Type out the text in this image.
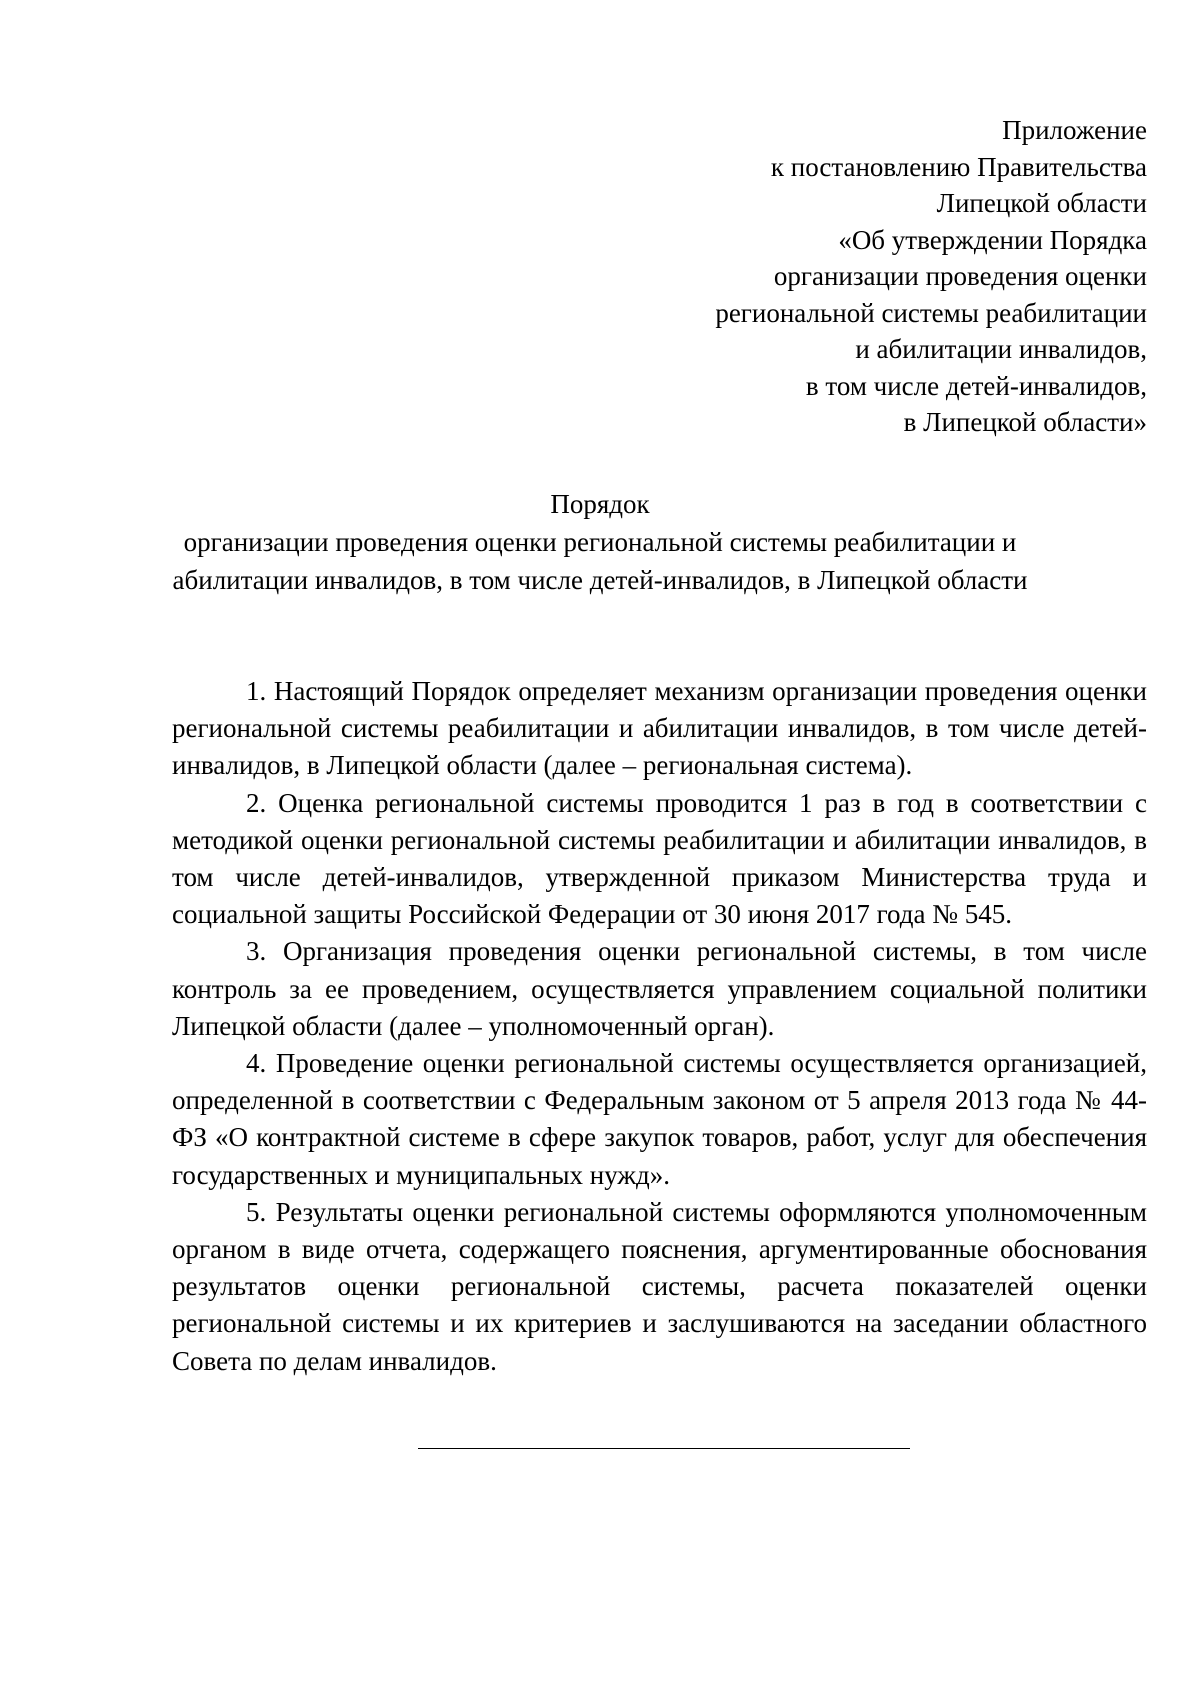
Приложение
к постановлению Правительства
Липецкой области
«Об утверждении Порядка
организации проведения оценки
региональной системы реабилитации
и абилитации инвалидов,
в том числе детей-инвалидов,
в Липецкой области»
Порядок
организации проведения оценки региональной системы реабилитации и
абилитации инвалидов, в том числе детей-инвалидов, в Липецкой области

1. Настоящий Порядок определяет механизм организации проведения оценки региональной системы реабилитации и абилитации инвалидов, в том числе детей-инвалидов, в Липецкой области (далее – региональная система).

2. Оценка региональной системы проводится 1 раз в год в соответствии с методикой оценки региональной системы реабилитации и абилитации инвалидов, в том числе детей-инвалидов, утвержденной приказом Министерства труда и социальной защиты Российской Федерации от 30 июня 2017 года № 545.

3. Организация проведения оценки региональной системы, в том числе контроль за ее проведением, осуществляется управлением социальной политики Липецкой области (далее – уполномоченный орган).

4. Проведение оценки региональной системы осуществляется организацией, определенной в соответствии с Федеральным законом от 5 апреля 2013 года № 44-ФЗ «О контрактной системе в сфере закупок товаров, работ, услуг для обеспечения государственных и муниципальных нужд».

5. Результаты оценки региональной системы оформляются уполномоченным органом в виде отчета, содержащего пояснения, аргументированные обоснования результатов оценки региональной системы, расчета показателей оценки региональной системы и их критериев и заслушиваются на заседании областного Совета по делам инвалидов.
